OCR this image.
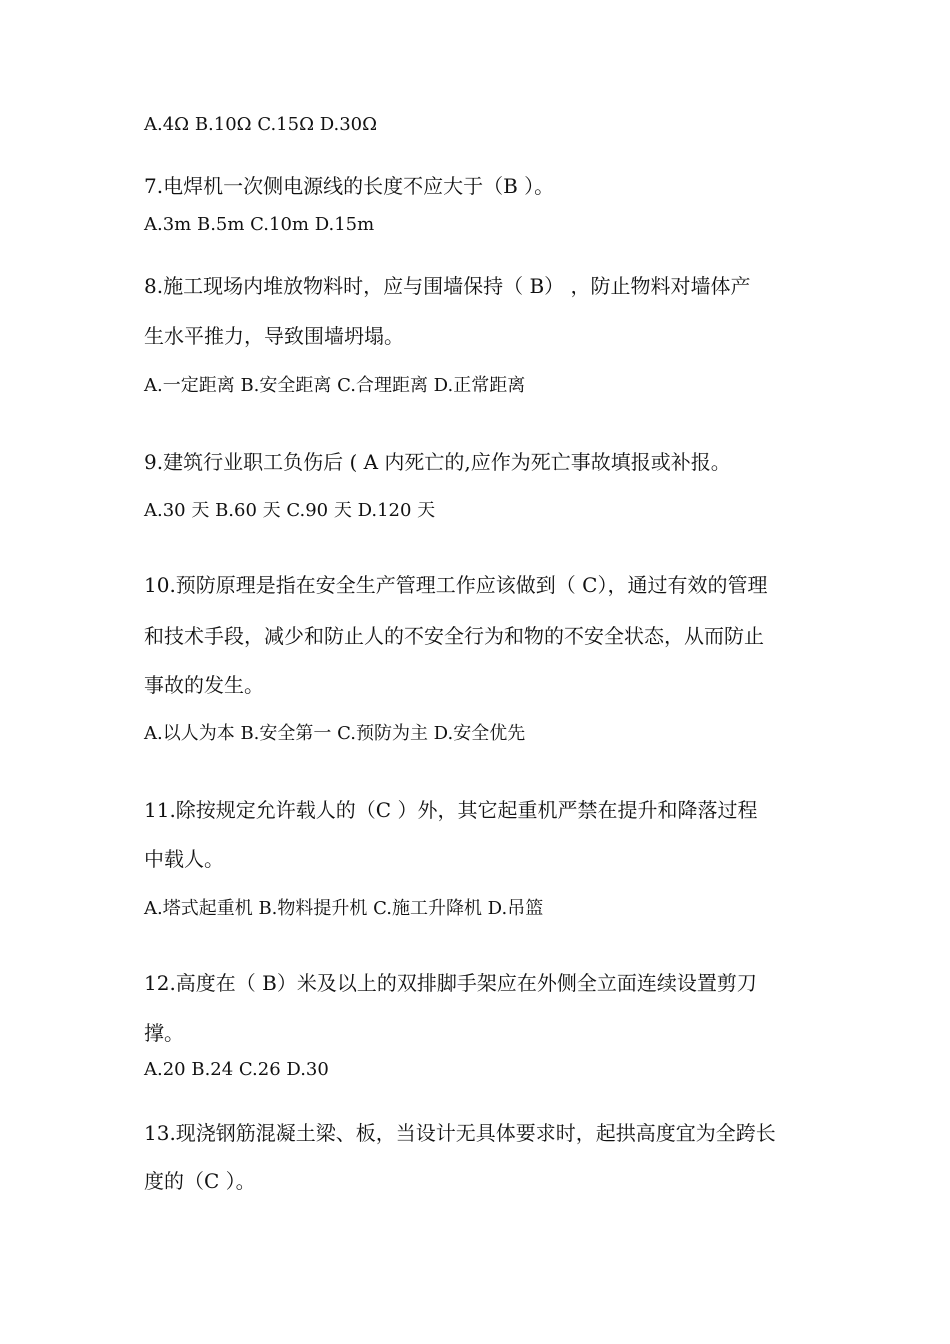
A.4Ω B.10Ω C.15Ω D.30Ω
7.电焊机一次侧电源线的长度不应大于（B ）。
A.3m B.5m C.10m D.15m
8.施工现场内堆放物料时，应与围墙保持（ B） ，防止物料对墙体产
生水平推力，导致围墙坍塌。
A.一定距离 B.安全距离 C.合理距离 D.正常距离
9.建筑行业职工负伤后 ( A 内死亡的,应作为死亡事故填报或补报。
A.30 天 B.60 天 C.90 天 D.120 天
10.预防原理是指在安全生产管理工作应该做到（ C），通过有效的管理
和技术手段，减少和防止人的不安全行为和物的不安全状态，从而防止
事故的发生。
A.以人为本 B.安全第一 C.预防为主 D.安全优先
11.除按规定允许载人的（C ）外，其它起重机严禁在提升和降落过程
中载人。
A.塔式起重机 B.物料提升机 C.施工升降机 D.吊篮
12.高度在（ B）米及以上的双排脚手架应在外侧全立面连续设置剪刀
撑。
A.20 B.24 C.26 D.30
13.现浇钢筋混凝土梁、板，当设计无具体要求时，起拱高度宜为全跨长
度的（C ）。
